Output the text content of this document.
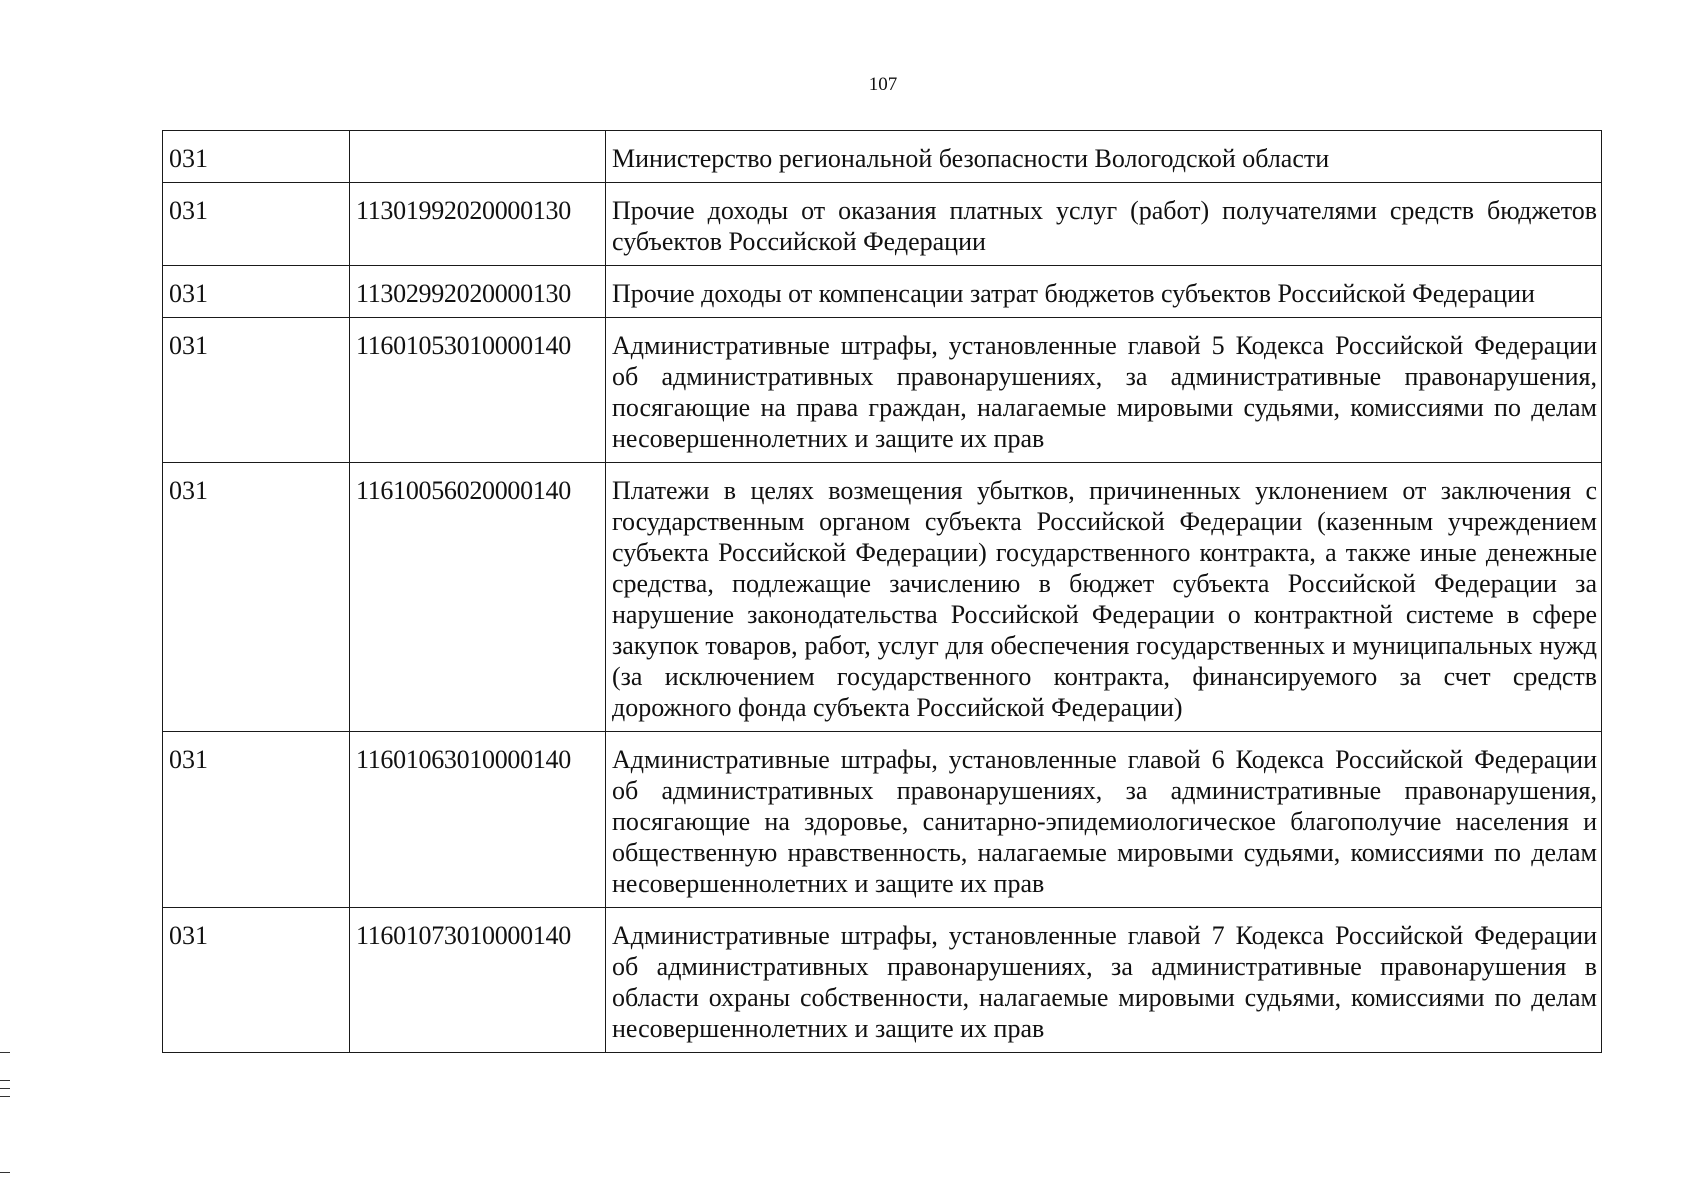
107
031		Министерство региональной безопасности Вологодской области
031	11301992020000130	Прочие доходы от оказания платных услуг (работ) получателями средств бюджетов субъектов Российской Федерации
031	11302992020000130	Прочие доходы от компенсации затрат бюджетов субъектов Российской Федерации
031	11601053010000140	Административные штрафы, установленные главой 5 Кодекса Российской Федерации об административных правонарушениях, за административные правонарушения, посягающие на права граждан, налагаемые мировыми судьями, комиссиями по делам несовершеннолетних и защите их прав
031	11610056020000140	Платежи в целях возмещения убытков, причиненных уклонением от заключения с государственным органом субъекта Российской Федерации (казенным учреждением субъекта Российской Федерации) государственного контракта, а также иные денежные средства, подлежащие зачислению в бюджет субъекта Российской Федерации за нарушение законодательства Российской Федерации о контрактной системе в сфере закупок товаров, работ, услуг для обеспечения государственных и муниципальных нужд (за исключением государственного контракта, финансируемого за счет средств дорожного фонда субъекта Российской Федерации)
031	11601063010000140	Административные штрафы, установленные главой 6 Кодекса Российской Федерации об административных правонарушениях, за административные правонарушения, посягающие на здоровье, санитарно-эпидемиологическое благополучие населения и общественную нравственность, налагаемые мировыми судьями, комиссиями по делам несовершеннолетних и защите их прав
031	11601073010000140	Административные штрафы, установленные главой 7 Кодекса Российской Федерации об административных правонарушениях, за административные правонарушения в области охраны собственности, налагаемые мировыми судьями, комиссиями по делам несовершеннолетних и защите их прав
